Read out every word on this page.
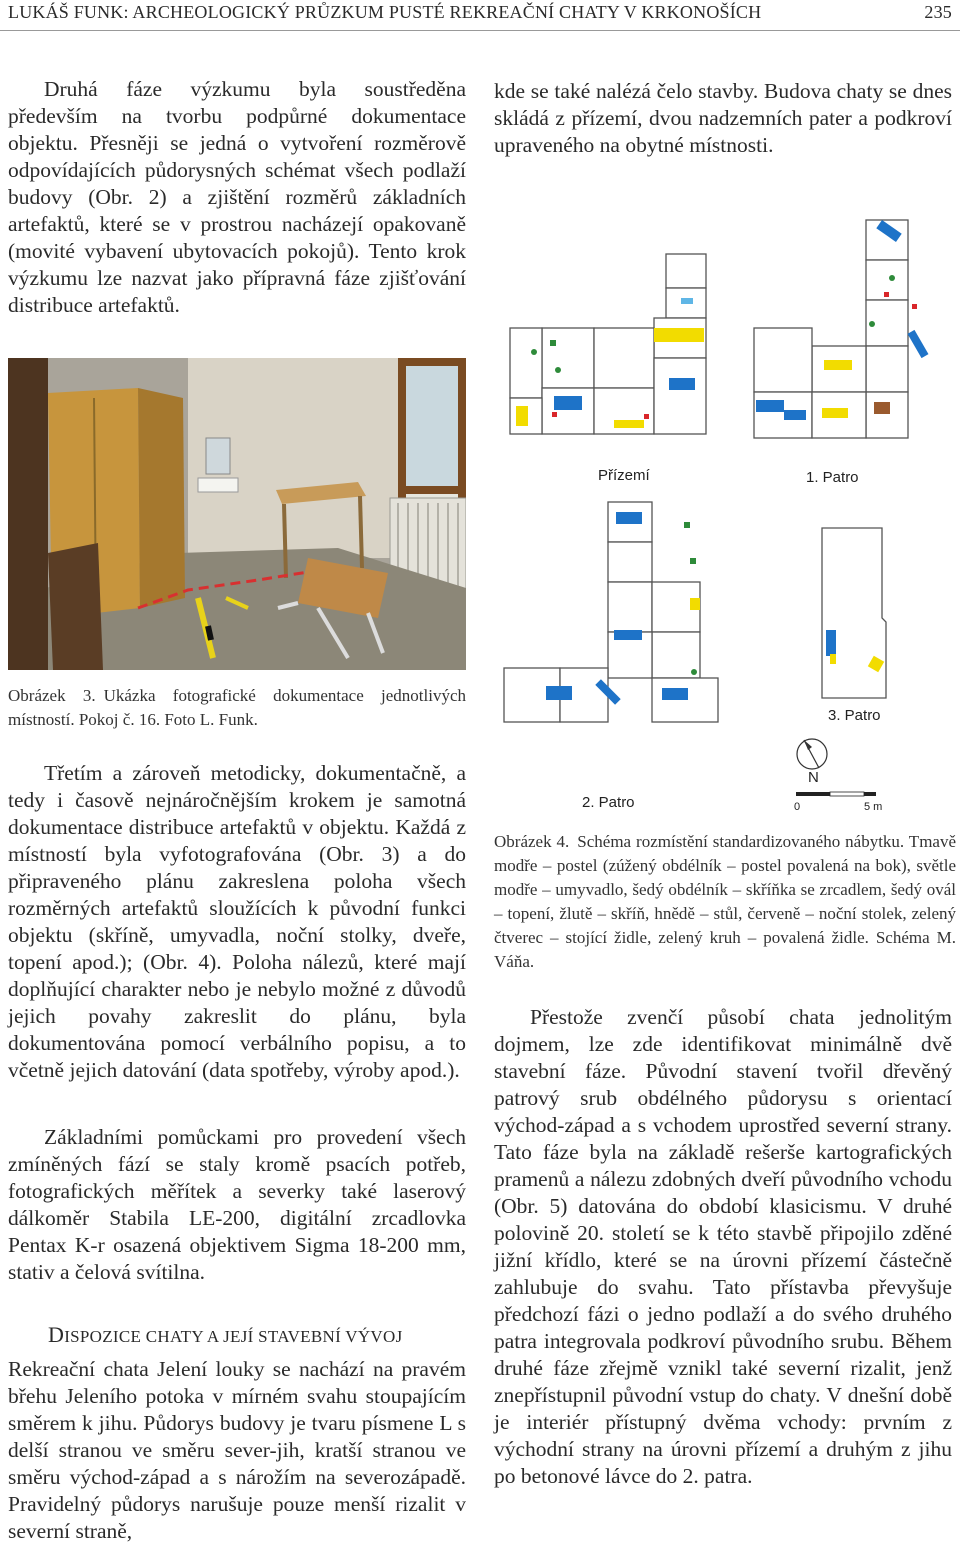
LUKÁŠ FUNK: ARCHEOLOGICKÝ PRŮZKUM PUSTÉ REKREAČNÍ CHATY V KRKONOŠÍCH	235
Druhá fáze výzkumu byla soustředěna především na tvorbu podpůrné dokumentace objektu. Přesněji se jedná o vytvoření rozměrově odpovídajících půdorysných schémat všech podlaží budovy (Obr. 2) a zjištění rozměrů základních artefaktů, které se v prostrou nacházejí opakovaně (movité vybavení ubytovacích pokojů). Tento krok výzkumu lze nazvat jako přípravná fáze zjišťování distribuce artefaktů.
Obrázek 3. Ukázka fotografické dokumentace jednotlivých místností. Pokoj č. 16. Foto L. Funk.
Třetím a zároveň metodicky, dokumentačně, a tedy i časově nejnáročnějším krokem je samotná dokumentace distribuce artefaktů v objektu. Každá z místností byla vyfotografována (Obr. 3) a do připraveného plánu zakreslena poloha všech rozměrných artefaktů sloužících k původní funkci objektu (skříně, umyvadla, noční stolky, dveře, topení apod.); (Obr. 4). Poloha nálezů, které mají doplňující charakter nebo je nebylo možné z důvodů jejich povahy zakreslit do plánu, byla dokumentována pomocí verbálního popisu, a to včetně jejich datování (data spotřeby, výroby apod.).
Základními pomůckami pro provedení všech zmíněných fází se staly kromě psacích potřeb, fotografických měřítek a severky také laserový dálkoměr Stabila LE-200, digitální zrcadlovka Pentax K-r osazená objektivem Sigma 18-200 mm, stativ a čelová svítilna.
DISPOZICE CHATY A JEJÍ STAVEBNÍ VÝVOJ
Rekreační chata Jelení louky se nachází na pravém břehu Jeleního potoka v mírném svahu stoupajícím směrem k jihu. Půdorys budovy je tvaru písmene L s delší stranou ve směru sever-jih, kratší stranou ve směru východ-západ a s nárožím na severozápadě. Pravidelný půdorys narušuje pouze menší rizalit v severní straně,
kde se také nalézá čelo stavby. Budova chaty se dnes skládá z přízemí, dvou nadzemních pater a podkroví upraveného na obytné místnosti.
Přízemí	1. Patro
2. Patro
3. Patro
N
0	5 m
Obrázek 4. Schéma rozmístění standardizovaného nábytku. Tmavě modře – postel (zúžený obdélník – postel povalená na bok), světle modře – umyvadlo, šedý obdélník – skříňka se zrcadlem, šedý ovál – topení, žlutě – skříň, hnědě – stůl, červeně – noční stolek, zelený čtverec – stojící židle, zelený kruh – povalená židle. Schéma M. Váňa.
Přestože zvenčí působí chata jednolitým dojmem, lze zde identifikovat minimálně dvě stavební fáze. Původní stavení tvořil dřevěný patrový srub obdélného půdorysu s orientací východ-západ a s vchodem uprostřed severní strany. Tato fáze byla na základě rešerše kartografických pramenů a nálezu zdobných dveří původního vchodu (Obr. 5) datována do období klasicismu. V druhé polovině 20. století se k této stavbě připojilo zděné jižní křídlo, které se na úrovni přízemí částečně zahlubuje do svahu. Tato přístavba převyšuje předchozí fázi o jedno podlaží a do svého druhého patra integrovala podkroví původního srubu. Během druhé fáze zřejmě vznikl také severní rizalit, jenž znepřístupnil původní vstup do chaty. V dnešní době je interiér přístupný dvěma vchody: prvním z východní strany na úrovni přízemí a druhým z jihu po betonové lávce do 2. patra.
